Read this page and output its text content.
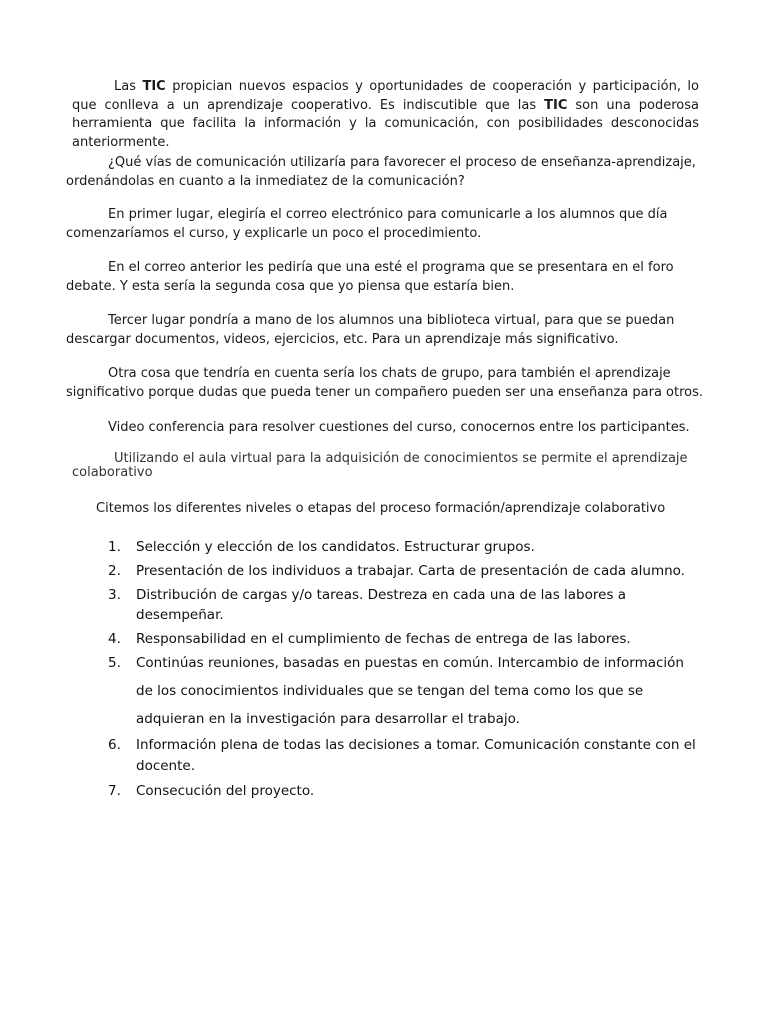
Las TIC propician nuevos espacios y oportunidades de cooperación y participación, lo que conlleva a un aprendizaje cooperativo. Es indiscutible que las TIC son una poderosa herramienta que facilita la información y la comunicación, con posibilidades desconocidas anteriormente.

¿Qué vías de comunicación utilizaría para favorecer el proceso de enseñanza-aprendizaje, ordenándolas en cuanto a la inmediatez de la comunicación?

En primer lugar, elegiría el correo electrónico para comunicarle a los alumnos que día comenzaríamos el curso, y explicarle un poco el procedimiento.

En el correo anterior les pediría que una esté el programa que se presentara en el foro debate. Y esta sería la segunda cosa que yo piensa que estaría bien.

Tercer lugar pondría a mano de los alumnos una biblioteca virtual, para que se puedan descargar documentos, videos, ejercicios, etc. Para un aprendizaje más significativo.

Otra cosa que tendría en cuenta sería los chats de grupo, para también el aprendizaje significativo porque dudas que pueda tener un compañero pueden ser una enseñanza para otros.

Video conferencia para resolver cuestiones del curso, conocernos entre los participantes.

Utilizando el aula virtual para la adquisición de conocimientos se permite el aprendizaje colaborativo

Citemos los diferentes niveles o etapas del proceso formación/aprendizaje colaborativo

1.	Selección y elección de los candidatos. Estructurar grupos.
2.	Presentación de los individuos a trabajar. Carta de presentación de cada alumno.
3.	Distribución de cargas y/o tareas. Destreza en cada una de las labores a desempeñar.
4.	Responsabilidad en el cumplimiento de fechas de entrega de las labores.
5.	Continúas reuniones, basadas en puestas en común. Intercambio de información de los conocimientos individuales que se tengan del tema como los que se adquieran en la investigación para desarrollar el trabajo.
6.	Información plena de todas las decisiones a tomar. Comunicación constante con el docente.
7.	Consecución del proyecto.
